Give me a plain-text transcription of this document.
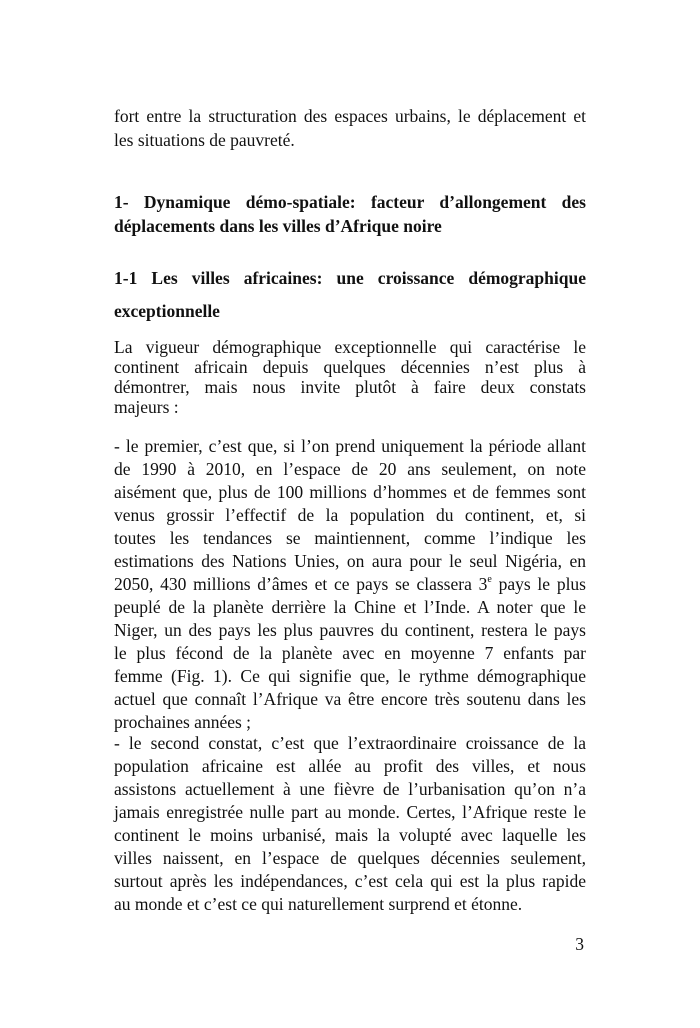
fort entre la structuration des espaces urbains, le déplacement et
les situations de pauvreté.
1- Dynamique démo-spatiale: facteur d’allongement des
déplacements dans les villes d’Afrique noire
1-1 Les villes africaines: une croissance démographique
exceptionnelle
La vigueur démographique exceptionnelle qui caractérise le
continent africain depuis quelques décennies n’est plus à
démontrer, mais nous invite plutôt à faire deux constats
majeurs :
- le premier, c’est que, si l’on prend uniquement la période allant
de 1990 à 2010, en l’espace de 20 ans seulement, on note
aisément que, plus de 100 millions d’hommes et de femmes sont
venus grossir l’effectif de la population du continent, et, si
toutes les tendances se maintiennent, comme l’indique les
estimations des Nations Unies, on aura pour le seul Nigéria, en
2050, 430 millions d’âmes et ce pays se classera 3e pays le plus
peuplé de la planète derrière la Chine et l’Inde. A noter que le
Niger, un des pays les plus pauvres du continent, restera le pays
le plus fécond de la planète avec en moyenne 7 enfants par
femme (Fig. 1). Ce qui signifie que, le rythme démographique
actuel que connaît l’Afrique va être encore très soutenu dans les
prochaines années ;
- le second constat, c’est que l’extraordinaire croissance de la
population africaine est allée au profit des villes, et nous
assistons actuellement à une fièvre de l’urbanisation qu’on n’a
jamais enregistrée nulle part au monde. Certes, l’Afrique reste le
continent le moins urbanisé, mais la volupté avec laquelle les
villes naissent, en l’espace de quelques décennies seulement,
surtout après les indépendances, c’est cela qui est la plus rapide
au monde et c’est ce qui naturellement surprend et étonne.
3
